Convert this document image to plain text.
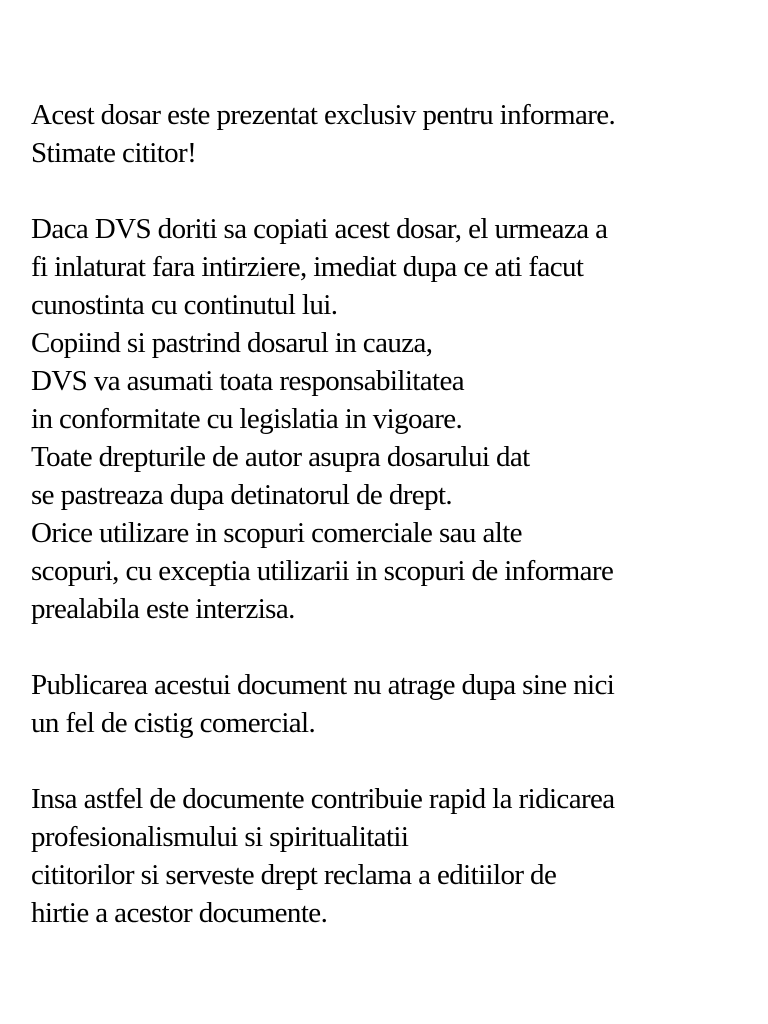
Acest dosar este prezentat exclusiv pentru informare.
Stimate cititor!
Daca DVS doriti sa copiati acest dosar, el urmeaza a
fi inlaturat fara intirziere, imediat dupa ce ati facut
cunostinta cu continutul lui.
Copiind si pastrind dosarul in cauza,
DVS va asumati toata responsabilitatea
in conformitate cu legislatia in vigoare.
Toate drepturile de autor asupra dosarului dat
se pastreaza dupa detinatorul de drept.
Orice utilizare in scopuri comerciale sau alte
scopuri, cu exceptia utilizarii in scopuri de informare
prealabila este interzisa.
Publicarea acestui document nu atrage dupa sine nici
un fel de cistig comercial.
Insa astfel de documente contribuie rapid la ridicarea
profesionalismului si spiritualitatii
cititorilor si serveste drept reclama a editiilor de
hirtie a acestor documente.
